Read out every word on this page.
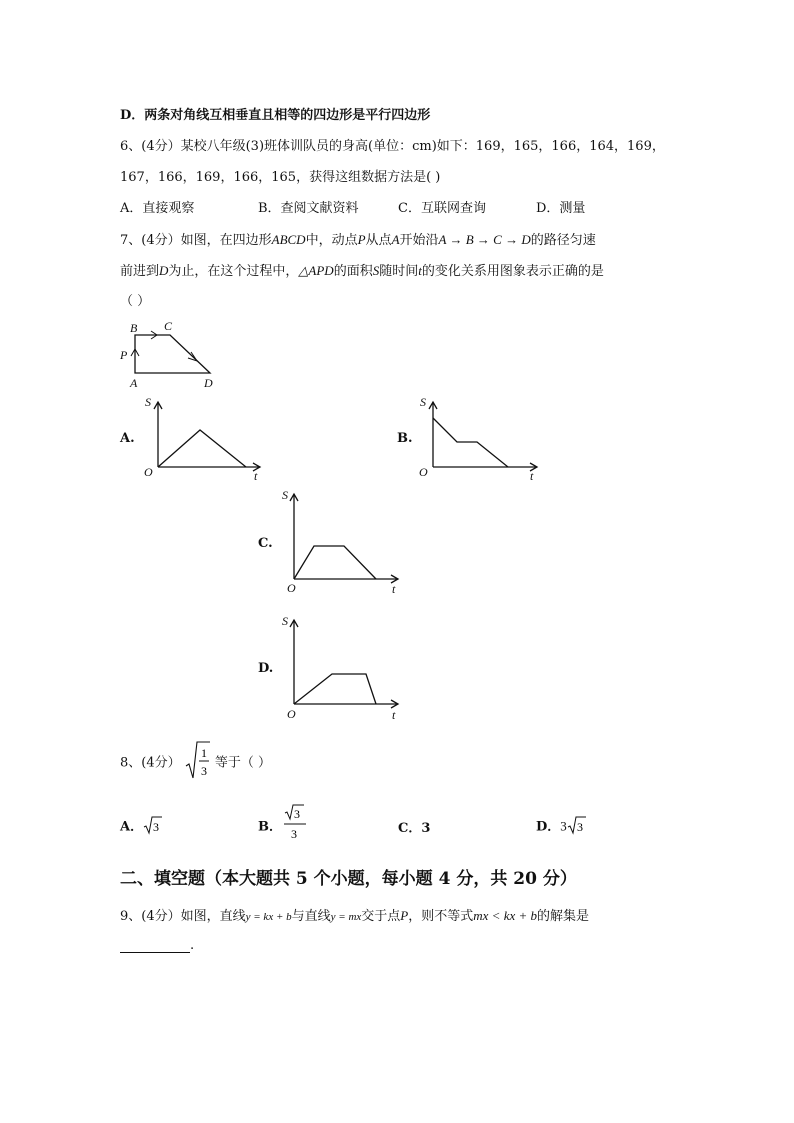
D．两条对角线互相垂直且相等的四边形是平行四边形
6、(4分）某校八年级(3)班体训队员的身高(单位：cm)如下：169，165，166，164，169，
167，166，169，166，165，获得这组数据方法是( )
A．直接观察	B．查阅文献资料	C．互联网查询	D．测量
7、(4分）如图，在四边形ABCD中，动点P从点A开始沿A → B → C → D的路径匀速
前进到D为止，在这个过程中，△APD的面积S随时间t的变化关系用图象表示正确的是
（ ）
B C
P
A	D
A.
S
O	t
B.
S
O	t
C.
S
O	t
D.
S
O	t
8、(4分）
1
3
等于（ ）
A． 3	B．
3
3	C．3	D．3 3
二、填空题（本大题共 5 个小题，每小题 4 分，共 20 分）
9、(4分）如图，直线y = kx + b与直线y = mx交于点P，则不等式mx < kx + b的解集是
.
